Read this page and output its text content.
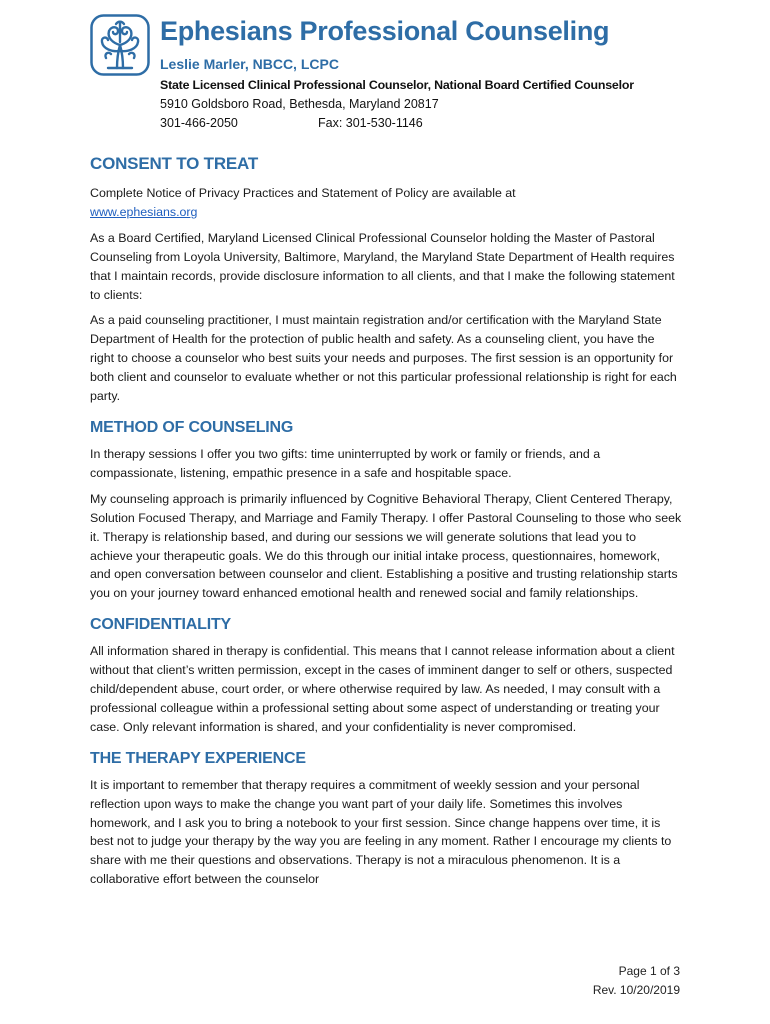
Ephesians Professional Counseling
Leslie Marler, NBCC, LCPC
State Licensed Clinical Professional Counselor, National Board Certified Counselor
5910 Goldsboro Road, Bethesda, Maryland 20817
301-466-2050	Fax: 301-530-1146
CONSENT TO TREAT

Complete Notice of Privacy Practices and Statement of Policy are available at
www.ephesians.org

As a Board Certified, Maryland Licensed Clinical Professional Counselor holding the Master of Pastoral Counseling from Loyola University, Baltimore, Maryland, the Maryland State Department of Health requires that I maintain records, provide disclosure information to all clients, and that I make the following statement to clients:

As a paid counseling practitioner, I must maintain registration and/or certification with the Maryland State Department of Health for the protection of public health and safety. As a counseling client, you have the right to choose a counselor who best suits your needs and purposes. The first session is an opportunity for both client and counselor to evaluate whether or not this particular professional relationship is right for each party.

METHOD OF COUNSELING

In therapy sessions I offer you two gifts: time uninterrupted by work or family or friends, and a compassionate, listening, empathic presence in a safe and hospitable space.

My counseling approach is primarily influenced by Cognitive Behavioral Therapy, Client Centered Therapy, Solution Focused Therapy, and Marriage and Family Therapy. I offer Pastoral Counseling to those who seek it. Therapy is relationship based, and during our sessions we will generate solutions that lead you to achieve your therapeutic goals. We do this through our initial intake process, questionnaires, homework, and open conversation between counselor and client. Establishing a positive and trusting relationship starts you on your journey toward enhanced emotional health and renewed social and family relationships.

CONFIDENTIALITY

All information shared in therapy is confidential. This means that I cannot release information about a client without that client’s written permission, except in the cases of imminent danger to self or others, suspected child/dependent abuse, court order, or where otherwise required by law. As needed, I may consult with a professional colleague within a professional setting about some aspect of understanding or treating your case. Only relevant information is shared, and your confidentiality is never compromised.

THE THERAPY EXPERIENCE

It is important to remember that therapy requires a commitment of weekly session and your personal reflection upon ways to make the change you want part of your daily life. Sometimes this involves homework, and I ask you to bring a notebook to your first session. Since change happens over time, it is best not to judge your therapy by the way you are feeling in any moment. Rather I encourage my clients to share with me their questions and observations. Therapy is not a miraculous phenomenon. It is a collaborative effort between the counselor

Page 1 of 3
Rev. 10/20/2019
